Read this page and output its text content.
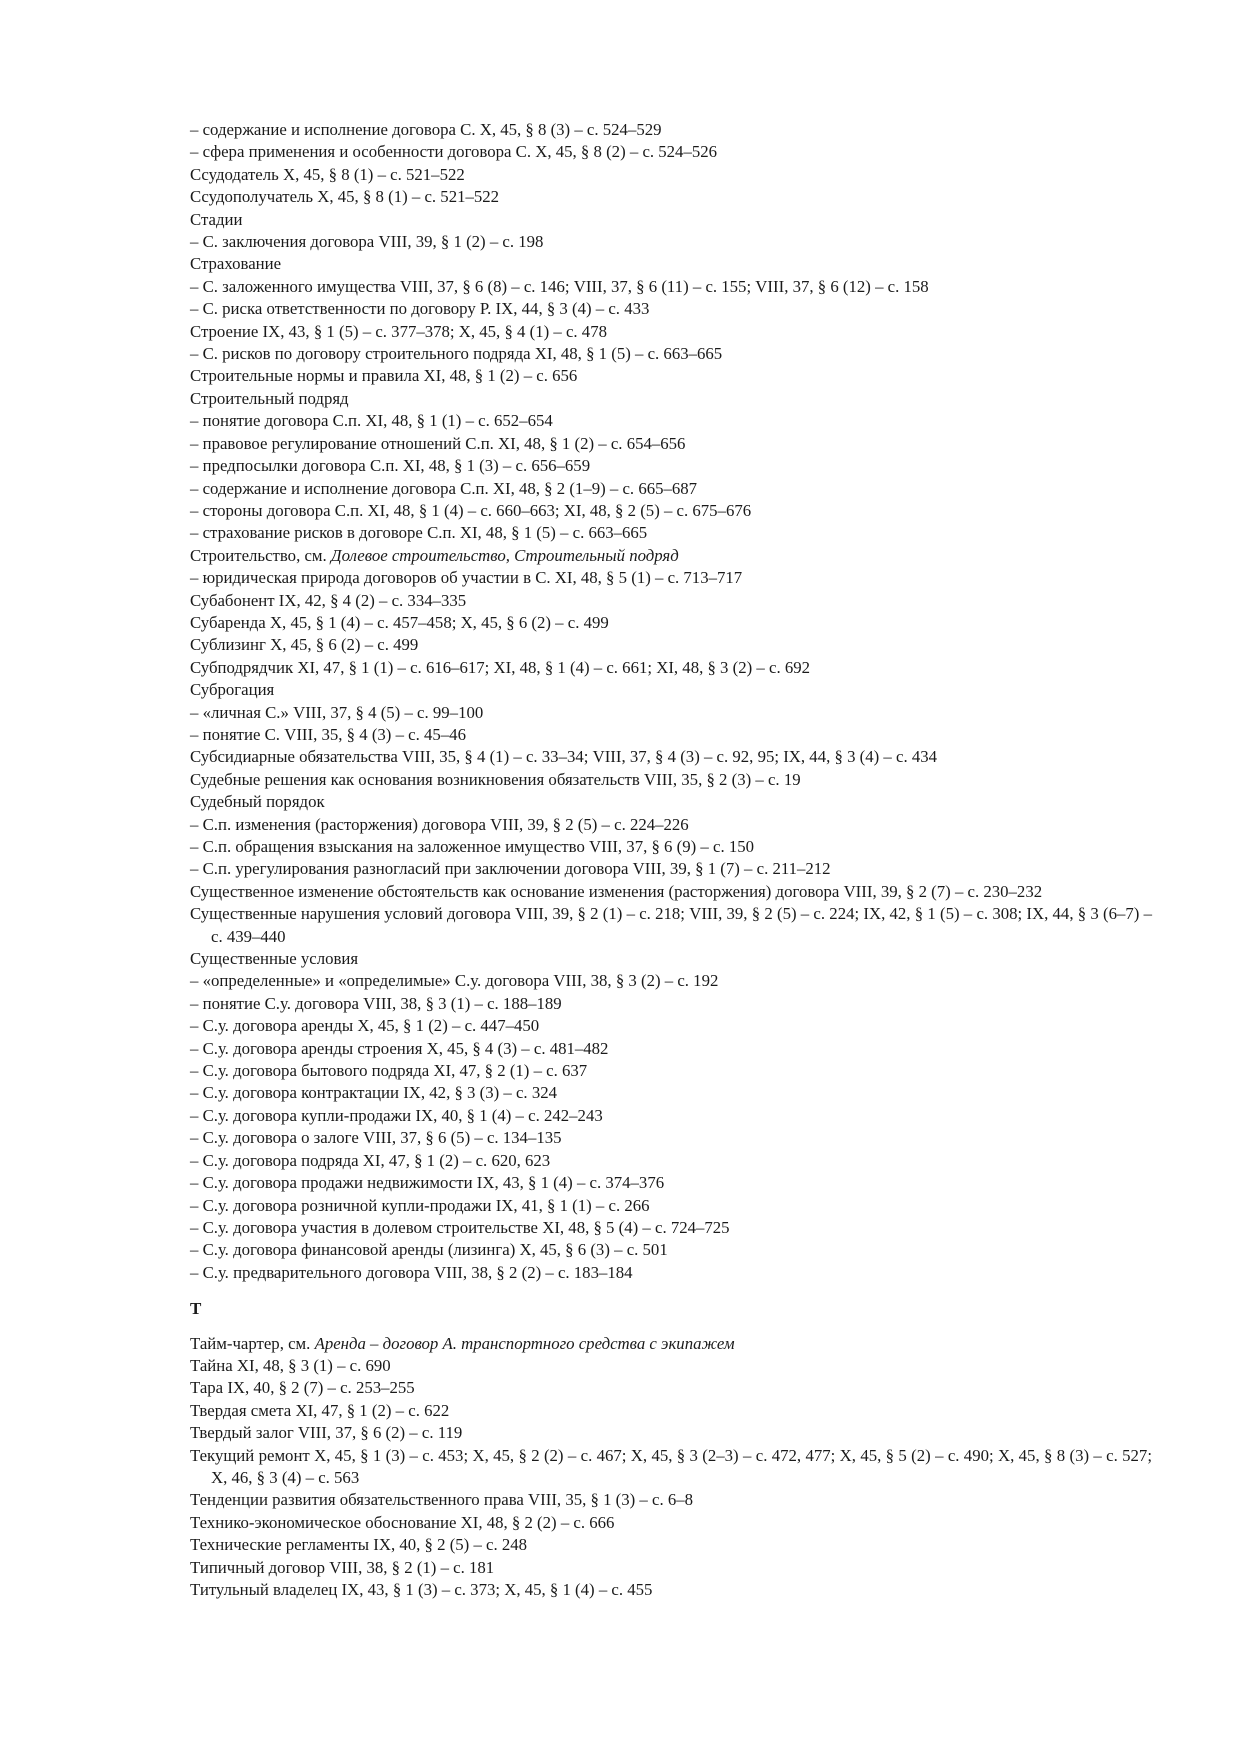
– содержание и исполнение договора С. X, 45, § 8 (3) – с. 524–529
– сфера применения и особенности договора С. X, 45, § 8 (2) – с. 524–526
Ссудодатель X, 45, § 8 (1) – с. 521–522
Ссудополучатель X, 45, § 8 (1) – с. 521–522
Стадии
– С. заключения договора VIII, 39, § 1 (2) – с. 198
Страхование
– С. заложенного имущества VIII, 37, § 6 (8) – с. 146; VIII, 37, § 6 (11) – с. 155; VIII, 37, § 6 (12) – с. 158
– С. риска ответственности по договору Р. IX, 44, § 3 (4) – с. 433
Строение IX, 43, § 1 (5) – с. 377–378; X, 45, § 4 (1) – с. 478
– С. рисков по договору строительного подряда XI, 48, § 1 (5) – с. 663–665
Строительные нормы и правила XI, 48, § 1 (2) – с. 656
Строительный подряд
– понятие договора С.п. XI, 48, § 1 (1) – с. 652–654
– правовое регулирование отношений С.п. XI, 48, § 1 (2) – с. 654–656
– предпосылки договора С.п. XI, 48, § 1 (3) – с. 656–659
– содержание и исполнение договора С.п. XI, 48, § 2 (1–9) – с. 665–687
– стороны договора С.п. XI, 48, § 1 (4) – с. 660–663; XI, 48, § 2 (5) – с. 675–676
– страхование рисков в договоре С.п. XI, 48, § 1 (5) – с. 663–665
Строительство, см. Долевое строительство, Строительный подряд
– юридическая природа договоров об участии в С. XI, 48, § 5 (1) – с. 713–717
Субабонент IX, 42, § 4 (2) – с. 334–335
Субаренда X, 45, § 1 (4) – с. 457–458; X, 45, § 6 (2) – с. 499
Сублизинг X, 45, § 6 (2) – с. 499
Субподрядчик XI, 47, § 1 (1) – с. 616–617; XI, 48, § 1 (4) – с. 661; XI, 48, § 3 (2) – с. 692
Суброгация
– «личная С.» VIII, 37, § 4 (5) – с. 99–100
– понятие С. VIII, 35, § 4 (3) – с. 45–46
Субсидиарные обязательства VIII, 35, § 4 (1) – с. 33–34; VIII, 37, § 4 (3) – с. 92, 95; IX, 44, § 3 (4) – с. 434
Судебные решения как основания возникновения обязательств VIII, 35, § 2 (3) – с. 19
Судебный порядок
– С.п. изменения (расторжения) договора VIII, 39, § 2 (5) – с. 224–226
– С.п. обращения взыскания на заложенное имущество VIII, 37, § 6 (9) – с. 150
– С.п. урегулирования разногласий при заключении договора VIII, 39, § 1 (7) – с. 211–212
Существенное изменение обстоятельств как основание изменения (расторжения) договора VIII, 39, § 2 (7) – с. 230–232
Существенные нарушения условий договора VIII, 39, § 2 (1) – с. 218; VIII, 39, § 2 (5) – с. 224; IX, 42, § 1 (5) – с. 308; IX, 44, § 3 (6–7) – с. 439–440
Существенные условия
– «определенные» и «определимые» С.у. договора VIII, 38, § 3 (2) – с. 192
– понятие С.у. договора VIII, 38, § 3 (1) – с. 188–189
– С.у. договора аренды X, 45, § 1 (2) – с. 447–450
– С.у. договора аренды строения X, 45, § 4 (3) – с. 481–482
– С.у. договора бытового подряда XI, 47, § 2 (1) – с. 637
– С.у. договора контрактации IX, 42, § 3 (3) – с. 324
– С.у. договора купли-продажи IX, 40, § 1 (4) – с. 242–243
– С.у. договора о залоге VIII, 37, § 6 (5) – с. 134–135
– С.у. договора подряда XI, 47, § 1 (2) – с. 620, 623
– С.у. договора продажи недвижимости IX, 43, § 1 (4) – с. 374–376
– С.у. договора розничной купли-продажи IX, 41, § 1 (1) – с. 266
– С.у. договора участия в долевом строительстве XI, 48, § 5 (4) – с. 724–725
– С.у. договора финансовой аренды (лизинга) X, 45, § 6 (3) – с. 501
– С.у. предварительного договора VIII, 38, § 2 (2) – с. 183–184
Т
Тайм-чартер, см. Аренда – договор А. транспортного средства с экипажем
Тайна XI, 48, § 3 (1) – с. 690
Тара IX, 40, § 2 (7) – с. 253–255
Твердая смета XI, 47, § 1 (2) – с. 622
Твердый залог VIII, 37, § 6 (2) – с. 119
Текущий ремонт X, 45, § 1 (3) – с. 453; X, 45, § 2 (2) – с. 467; X, 45, § 3 (2–3) – с. 472, 477; X, 45, § 5 (2) – с. 490; X, 45, § 8 (3) – с. 527; X, 46, § 3 (4) – с. 563
Тенденции развития обязательственного права VIII, 35, § 1 (3) – с. 6–8
Технико-экономическое обоснование XI, 48, § 2 (2) – с. 666
Технические регламенты IX, 40, § 2 (5) – с. 248
Типичный договор VIII, 38, § 2 (1) – с. 181
Титульный владелец IX, 43, § 1 (3) – с. 373; X, 45, § 1 (4) – с. 455
